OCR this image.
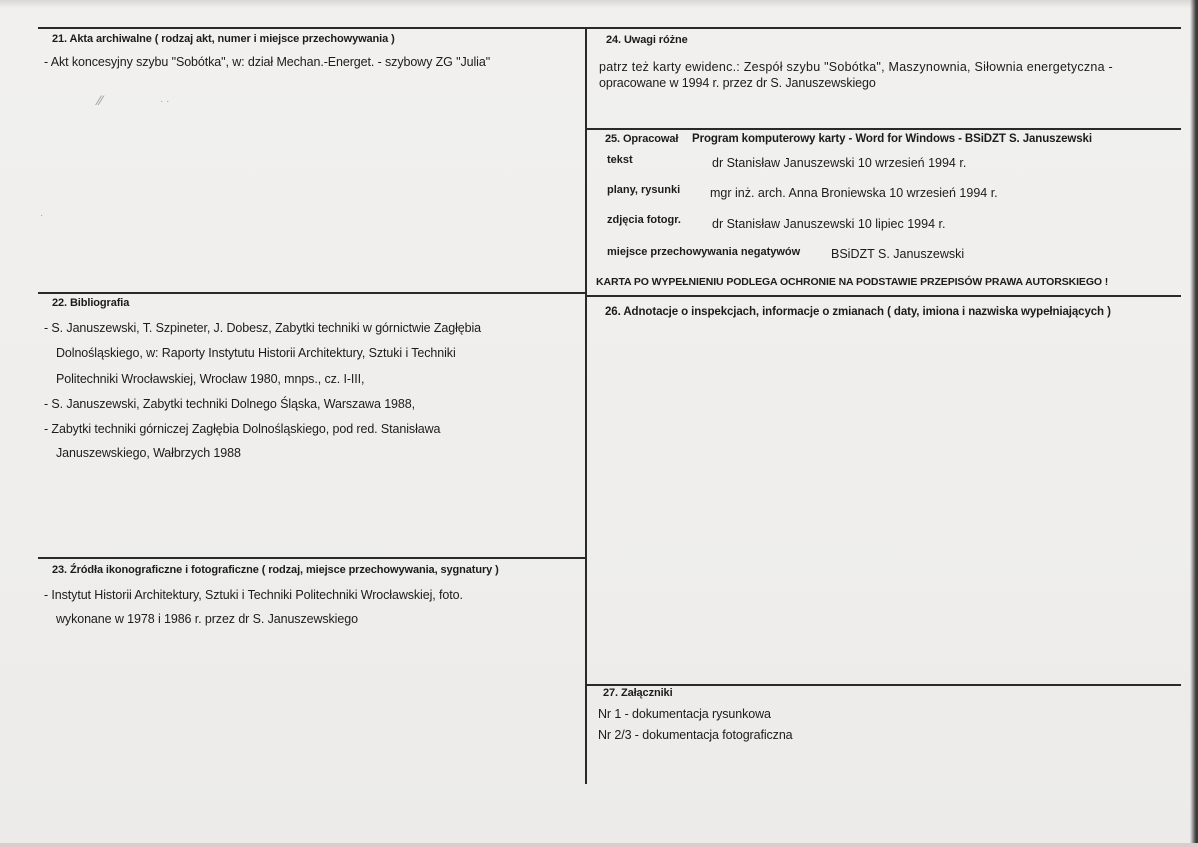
⁄⁄	· ·
·
21. Akta archiwalne ( rodzaj akt, numer i miejsce przechowywania )
- Akt koncesyjny szybu "Sobótka", w: dział Mechan.-Energet. - szybowy ZG "Julia"
22. Bibliografia
- S. Januszewski, T. Szpineter, J. Dobesz, Zabytki techniki w górnictwie Zagłębia
Dolnośląskiego, w: Raporty Instytutu Historii Architektury, Sztuki i Techniki
Politechniki Wrocławskiej, Wrocław 1980, mnps., cz. I-III,
- S. Januszewski, Zabytki techniki Dolnego Śląska, Warszawa 1988,
- Zabytki techniki górniczej Zagłębia Dolnośląskiego, pod red. Stanisława
Januszewskiego, Wałbrzych 1988
23. Źródła ikonograficzne i fotograficzne ( rodzaj, miejsce przechowywania, sygnatury )
- Instytut Historii Architektury, Sztuki i Techniki Politechniki Wrocławskiej, foto.
wykonane w 1978 i 1986 r. przez dr S. Januszewskiego
24. Uwagi różne
patrz też karty ewidenc.: Zespół szybu "Sobótka", Maszynownia, Siłownia energetyczna -
opracowane w 1994 r. przez dr S. Januszewskiego
25. Opracował Program komputerowy karty - Word for Windows - BSiDZT S. Januszewski
tekst	dr Stanisław Januszewski 10 wrzesień 1994 r.
plany, rysunki mgr inż. arch. Anna Broniewska 10 wrzesień 1994 r.
zdjęcia fotogr. dr Stanisław Januszewski 10 lipiec 1994 r.
miejsce przechowywania negatywów BSiDZT S. Januszewski
KARTA PO WYPEŁNIENIU PODLEGA OCHRONIE NA PODSTAWIE PRZEPISÓW PRAWA AUTORSKIEGO !
26. Adnotacje o inspekcjach, informacje o zmianach ( daty, imiona i nazwiska wypełniających )
27. Załączniki
Nr 1 - dokumentacja rysunkowa
Nr 2/3 - dokumentacja fotograficzna
